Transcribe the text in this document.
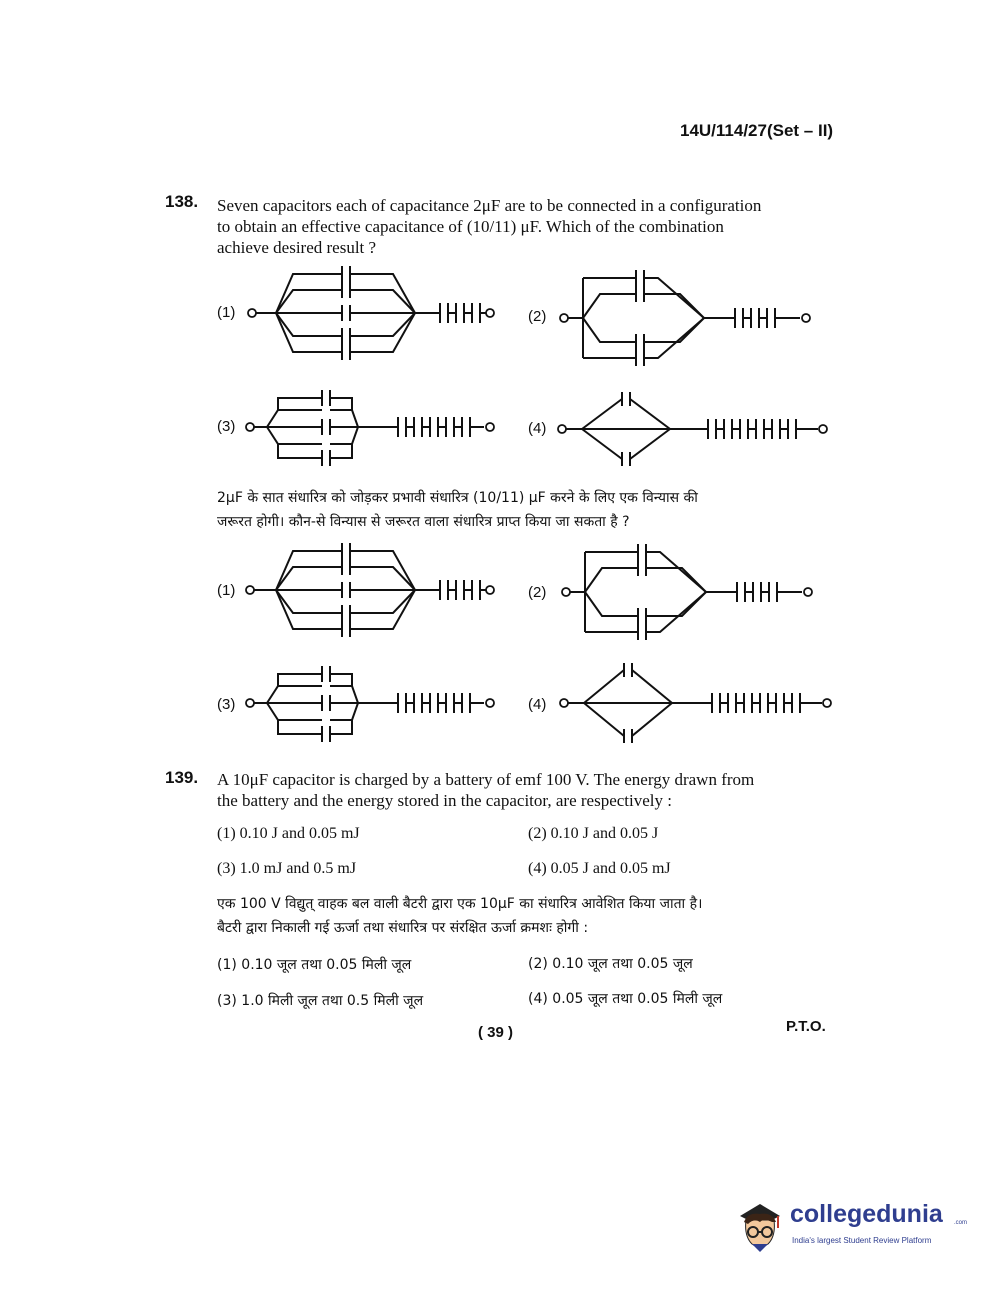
14U/114/27(Set – II)
138. Seven capacitors each of capacitance 2μF are to be connected in a configuration
to obtain an effective capacitance of (10/11) μF. Which of the combination
achieve desired result ?
(1)	(2)
(3)	(4)
2μF के सात संधारित्र को जोड़कर प्रभावी संधारित्र (10/11) μF करने के लिए एक विन्यास की
जरूरत होगी। कौन-से विन्यास से जरूरत वाला संधारित्र प्राप्त किया जा सकता है ?
(1)	(2)
(3)	(4)
139. A 10μF capacitor is charged by a battery of emf 100 V. The energy drawn from
the battery and the energy stored in the capacitor, are respectively :
(1) 0.10 J and 0.05 mJ	(2) 0.10 J and 0.05 J
(3) 1.0 mJ and 0.5 mJ	(4) 0.05 J and 0.05 mJ
एक 100 V विद्युत् वाहक बल वाली बैटरी द्वारा एक 10μF का संधारित्र आवेशित किया जाता है।
बैटरी द्वारा निकाली गई ऊर्जा तथा संधारित्र पर संरक्षित ऊर्जा क्रमशः होगी :
(1) 0.10 जूल तथा 0.05 मिली जूल	(2) 0.10 जूल तथा 0.05 जूल
(3) 1.0 मिली जूल तथा 0.5 मिली जूल	(4) 0.05 जूल तथा 0.05 मिली जूल
( 39 )	P.T.O.
collegedunia .com
India's largest Student Review Platform
